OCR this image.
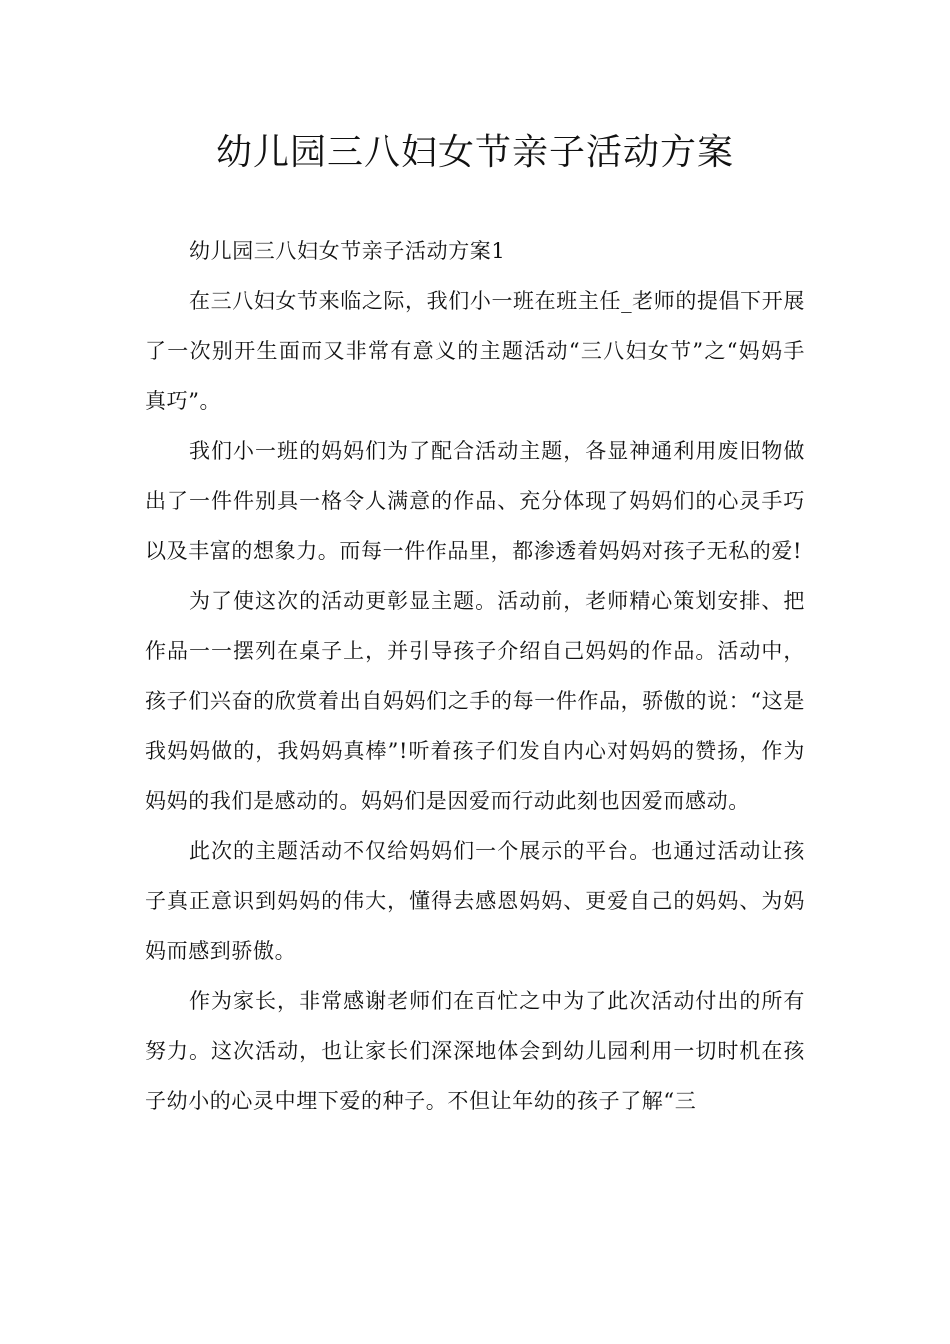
幼儿园三八妇女节亲子活动方案

幼儿园三八妇女节亲子活动方案1

在三八妇女节来临之际，我们小一班在班主任_老师的提倡下开展了一次别开生面而又非常有意义的主题活动“三八妇女节”之“妈妈手真巧”。

我们小一班的妈妈们为了配合活动主题，各显神通利用废旧物做出了一件件别具一格令人满意的作品、充分体现了妈妈们的心灵手巧以及丰富的想象力。而每一件作品里，都渗透着妈妈对孩子无私的爱!

为了使这次的活动更彰显主题。活动前，老师精心策划安排、把作品一一摆列在桌子上，并引导孩子介绍自己妈妈的作品。活动中，孩子们兴奋的欣赏着出自妈妈们之手的每一件作品，骄傲的说：“这是我妈妈做的，我妈妈真棒”!听着孩子们发自内心对妈妈的赞扬，作为妈妈的我们是感动的。妈妈们是因爱而行动此刻也因爱而感动。

此次的主题活动不仅给妈妈们一个展示的平台。也通过活动让孩子真正意识到妈妈的伟大，懂得去感恩妈妈、更爱自己的妈妈、为妈妈而感到骄傲。

作为家长，非常感谢老师们在百忙之中为了此次活动付出的所有努力。这次活动，也让家长们深深地体会到幼儿园利用一切时机在孩子幼小的心灵中埋下爱的种子。不但让年幼的孩子了解“三
